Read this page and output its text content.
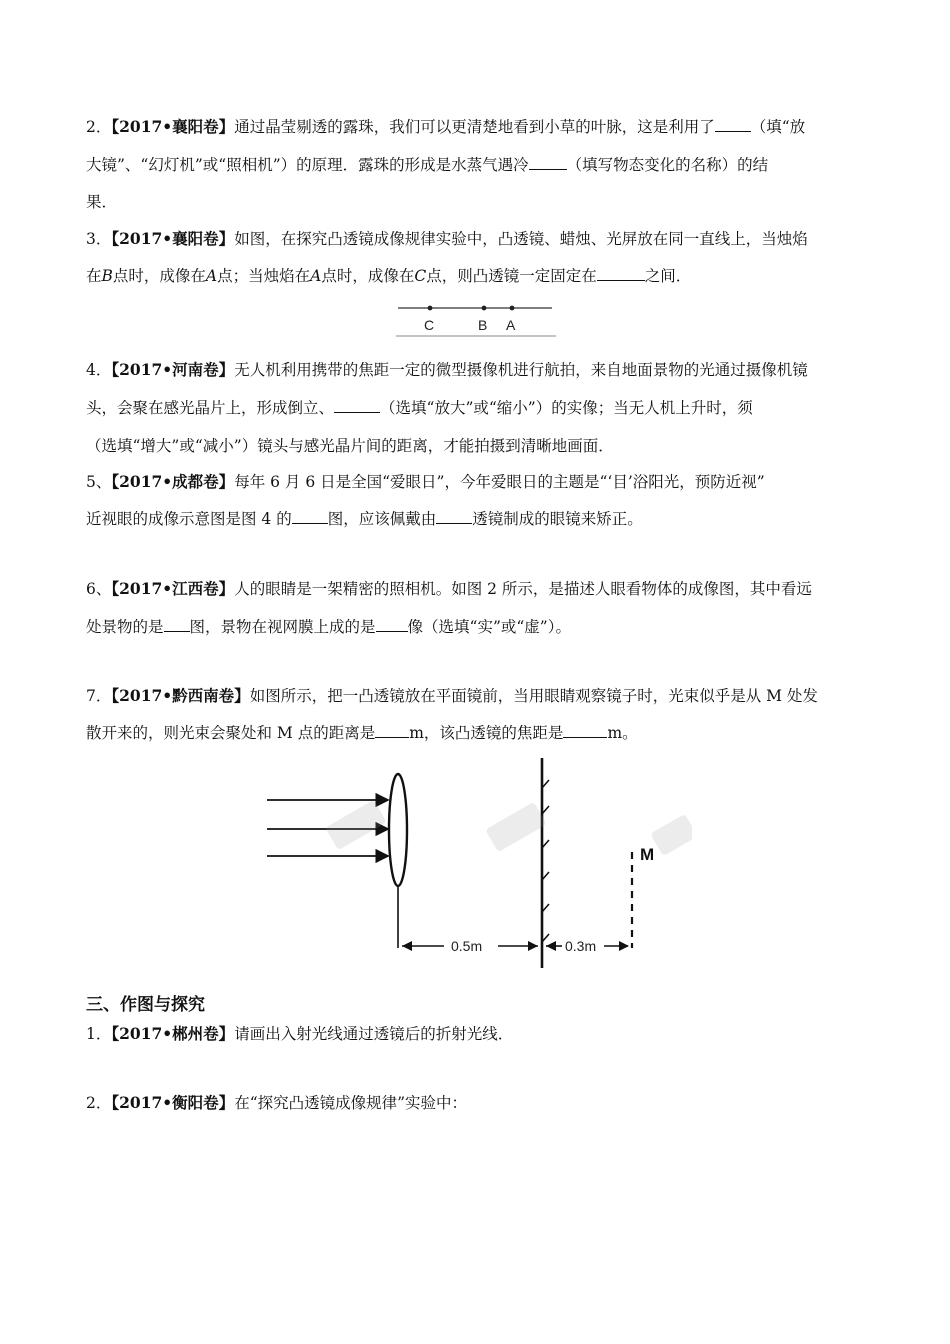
2．【2017•襄阳卷】通过晶莹剔透的露珠，我们可以更清楚地看到小草的叶脉，这是利用了 （填“放
大镜”、“幻灯机”或“照相机”）的原理．露珠的形成是水蒸气遇冷 （填写物态变化的名称）的结
果．
3．【2017•襄阳卷】如图，在探究凸透镜成像规律实验中，凸透镜、蜡烛、光屏放在同一直线上，当烛焰
在B点时，成像在A点；当烛焰在A点时，成像在C点，则凸透镜一定固定在	之间．
C	B A
4．【2017•河南卷】无人机利用携带的焦距一定的微型摄像机进行航拍，来自地面景物的光通过摄像机镜
头，会聚在感光晶片上，形成倒立、	（选填“放大”或“缩小”）的实像；当无人机上升时，须
（选填“增大”或“减小”）镜头与感光晶片间的距离，才能拍摄到清晰地画面．
5、【2017•成都卷】每年 6 月 6 日是全国“爱眼日”，今年爱眼日的主题是“‘目’浴阳光，预防近视”
近视眼的成像示意图是图 4 的 图，应该佩戴由 透镜制成的眼镜来矫正。
6、【2017•江西卷】人的眼睛是一架精密的照相机。如图 2 所示，是描述人眼看物体的成像图，其中看远
处景物的是 图，景物在视网膜上成的是 像（选填“实”或“虚”）。
7．【2017•黔西南卷】如图所示，把一凸透镜放在平面镜前，当用眼睛观察镜子时，光束似乎是从 M 处发
散开来的，则光束会聚处和 M 点的距离是 m，该凸透镜的焦距是	m。
M
0.5m	0.3m
三、作图与探究
1．【2017•郴州卷】请画出入射光线通过透镜后的折射光线．
2．【2017•衡阳卷】在“探究凸透镜成像规律”实验中：
